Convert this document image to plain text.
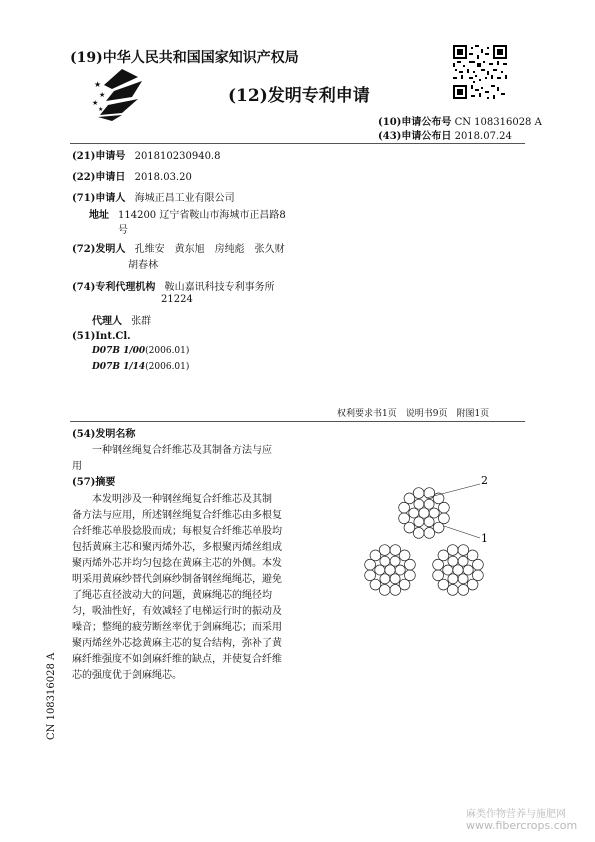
(19)中华人民共和国国家知识产权局
(12)发明专利申请
★
★
★
★
(10)申请公布号 CN 108316028 A
(43)申请公布日 2018.07.24
(21)申请号 201810230940.8
(22)申请日 2018.03.20
(71)申请人 海城正昌工业有限公司
地址 114200 辽宁省鞍山市海城市正昌路8
号
(72)发明人 孔维安　黄东旭　房纯彪　张久财
胡春林
(74)专利代理机构 鞍山嘉讯科技专利事务所
21224
代理人 张群
(51)Int.Cl.
D07B 1/00(2006.01)
D07B 1/14(2006.01)
权利要求书1页　说明书9页　附图1页
(54)发明名称
一种钢丝绳复合纤维芯及其制备方法与应
用
(57)摘要
本发明涉及一种钢丝绳复合纤维芯及其制
备方法与应用，所述钢丝绳复合纤维芯由多根复
合纤维芯单股捻股而成；每根复合纤维芯单股均
包括黄麻主芯和聚丙烯外芯，多根聚丙烯丝组成
聚丙烯外芯并均匀包捻在黄麻主芯的外侧。本发
明采用黄麻纱替代剑麻纱制备钢丝绳绳芯，避免
了绳芯直径波动大的问题，黄麻绳芯的绳径均
匀，吸油性好，有效减轻了电梯运行时的振动及
噪音；整绳的疲劳断丝率优于剑麻绳芯；而采用
聚丙烯丝外芯捻黄麻主芯的复合结构，弥补了黄
麻纤维强度不如剑麻纤维的缺点，并使复合纤维
芯的强度优于剑麻绳芯。
2
1
CN 108316028 A
麻类作物营养与施肥网
www.fibercrops.com
